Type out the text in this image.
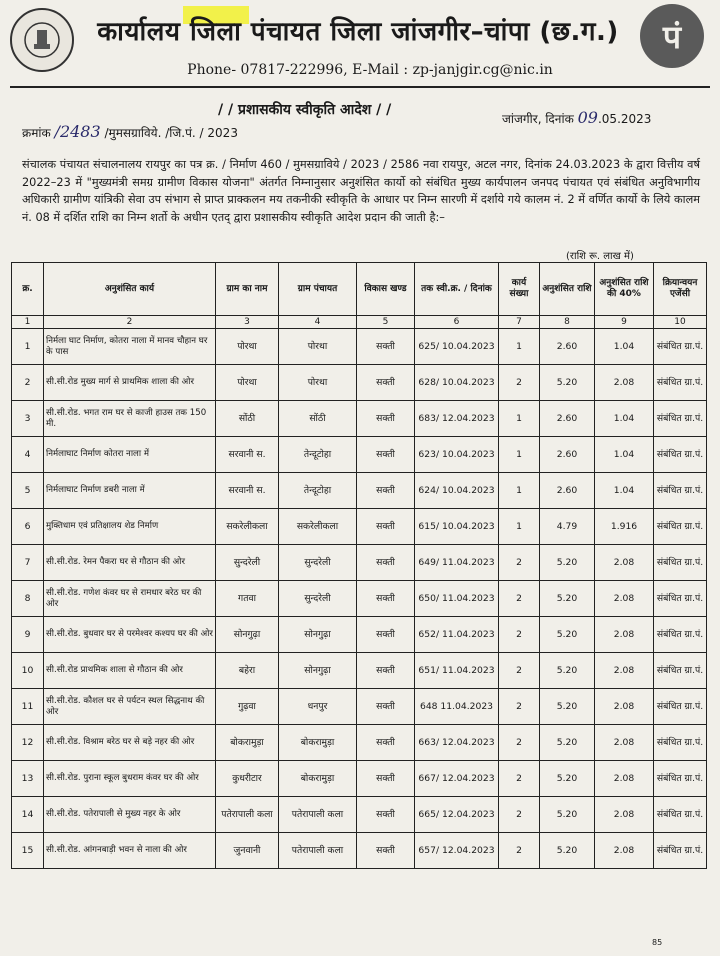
कार्यालय जिला पंचायत जिला जांजगीर–चांपा (छ.ग.)	पं
Phone- 07817-222996, E-Mail : zp-janjgir.cg@nic.in
/ / प्रशासकीय स्वीकृति आदेश / /
क्रमांक /2483 /मुमसग्राविये. /जि.पं. / 2023
जांजगीर, दिनांक 09.05.2023
संचालक पंचायत संचालनालय रायपुर का पत्र क्र. / निर्माण 460 / मुमसग्राविये / 2023 / 2586 नवा रायपुर, अटल नगर, दिनांक 24.03.2023 के द्वारा वित्तीय वर्ष 2022–23 में "मुख्यमंत्री समग्र ग्रामीण विकास योजना" अंतर्गत निम्नानुसार अनुशंसित कार्यो को संबंधित मुख्य कार्यपालन जनपद पंचायत एवं संबंधित अनुविभागीय अधिकारी ग्रामीण यांत्रिकी सेवा उप संभाग से प्राप्त प्राक्कलन मय तकनीकी स्वीकृति के आधार पर निम्न सारणी में दर्शाये गये कालम नं. 2 में वर्णित कार्यो के लिये कालम नं. 08 में दर्शित राशि का निम्न शर्तो के अधीन एतद् द्वारा प्रशासकीय स्वीकृति आदेश प्रदान की जाती है:–
(राशि रू. लाख में)
क्र.	अनुशंसित कार्य	ग्राम का नाम	ग्राम पंचायत	विकास खण्ड	तक स्वी.क्र. / दिनांक	कार्य संख्या	अनुशंसित राशि	अनुशंसित राशि की 40%	क्रियान्वयन एजेंसी
1	2	3	4	5	6	7	8	9	10
1	निर्मला घाट निर्माण, कोतरा नाला में मानव चौहान घर के पास	पोरथा	पोरथा	सक्ती	625/ 10.04.2023	1	2.60	1.04	संबंधित ग्रा.पं.
2	सी.सी.रोड मुख्य मार्ग से प्राथमिक शाला की ओर	पोरथा	पोरथा	सक्ती	628/ 10.04.2023	2	5.20	2.08	संबंधित ग्रा.पं.
3	सी.सी.रोड. भगत राम घर से काजी हाउस तक 150 मी.	सोंठी	सोंठी	सक्ती	683/ 12.04.2023	1	2.60	1.04	संबंधित ग्रा.पं.
4	निर्मलाघाट निर्माण कोतरा नाला में	सरवानी स.	तेन्दूटोहा	सक्ती	623/ 10.04.2023	1	2.60	1.04	संबंधित ग्रा.पं.
5	निर्मलाघाट निर्माण डबरी नाला में	सरवानी स.	तेन्दूटोहा	सक्ती	624/ 10.04.2023	1	2.60	1.04	संबंधित ग्रा.पं.
6	मुक्तिधाम एवं प्रतिक्षालय शेड निर्माण	सकरेलीकला	सकरेलीकला	सक्ती	615/ 10.04.2023	1	4.79	1.916	संबंधित ग्रा.पं.
7	सी.सी.रोड. रेमन पैकरा घर से गौठान की ओर	सुन्दरेली	सुन्दरेली	सक्ती	649/ 11.04.2023	2	5.20	2.08	संबंधित ग्रा.पं.
8	सी.सी.रोड. गणेश कंवर घर से रामधार बरेठ घर की ओर	गतवा	सुन्दरेली	सक्ती	650/ 11.04.2023	2	5.20	2.08	संबंधित ग्रा.पं.
9	सी.सी.रोड. बुधवार घर से परमेश्वर कश्यप घर की ओर	सोनगुढ़ा	सोनगुढ़ा	सक्ती	652/ 11.04.2023	2	5.20	2.08	संबंधित ग्रा.पं.
10	सी.सी.रोड प्राथमिक शाला से गौठान की ओर	बहेरा	सोनगुढ़ा	सक्ती	651/ 11.04.2023	2	5.20	2.08	संबंधित ग्रा.पं.
11	सी.सी.रोड. कौशल घर से पर्यटन स्थल सिद्धनाथ की ओर	गुढ़वा	धनपुर	सक्ती	648 11.04.2023	2	5.20	2.08	संबंधित ग्रा.पं.
12	सी.सी.रोड. विश्राम बरेठ घर से बड़े नहर की ओर	बोकरामुड़ा	बोकरामुड़ा	सक्ती	663/ 12.04.2023	2	5.20	2.08	संबंधित ग्रा.पं.
13	सी.सी.रोड. पुराना स्कूल बुधराम कंवर घर की ओर	कुधरीटार	बोकरामुड़ा	सक्ती	667/ 12.04.2023	2	5.20	2.08	संबंधित ग्रा.पं.
14	सी.सी.रोड. पतेरापाली से मुख्य नहर के ओर	पतेरापाली कला	पतेरापाली कला	सक्ती	665/ 12.04.2023	2	5.20	2.08	संबंधित ग्रा.पं.
15	सी.सी.रोड. आंगनबाड़ी भवन से नाला की ओर	जुनवानी	पतेरापाली कला	सक्ती	657/ 12.04.2023	2	5.20	2.08	संबंधित ग्रा.पं.
85
